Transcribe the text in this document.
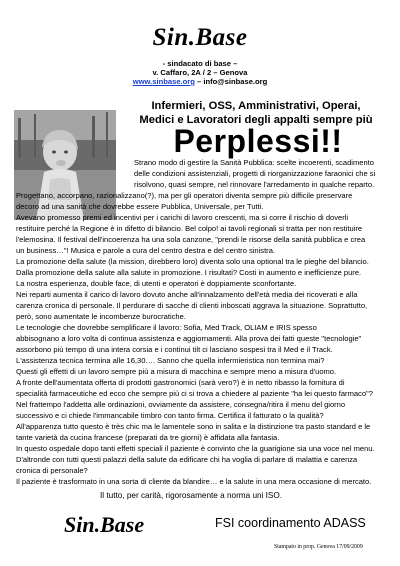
Sin.Base
- sindacato di base –
v. Caffaro, 2A / 2 – Genova
www.sinbase.org – info@sinbase.org
Infermieri, OSS, Amministrativi, Operai,
Medici e Lavoratori degli appalti sempre più
Perplessi!!
Strano modo di gestire la Sanità Pubblica: scelte incoerenti, scadimento
delle condizioni assistenziali, progetti di riorganizzazione faraonici che si
risolvono, quasi sempre, nel rinnovare l'arredamento in qualche reparto.
Progettano, accorpano, razionalizzano(?), ma per gli operatori diventa sempre più difficile preservare
decoro ad una sanità che dovrebbe essere Pubblica, Universale, per Tutti.
Avevano promesso premi ed incentivi per i carichi di lavoro crescenti, ma si corre il rischio di doverli
restituire perché la Regione è in difetto di bilancio. Bel colpo! ai tavoli regionali si tratta per non restituire
l'elemosina. Il festival dell'incoerenza ha una sola canzone, "prendi le risorse della sanità pubblica e crea
un business…"! Musica e parole a cura del centro destra e del centro sinistra.
La promozione della salute (la mission, direbbero loro) diventa solo una optional tra le pieghe del bilancio.
Dalla promozione della salute alla salute in promozione. I risultati? Costi in aumento e inefficienze pure.
La nostra esperienza, double face, di utenti e operatori è doppiamente sconfortante.
Nei reparti aumenta il carico di lavoro dovuto anche all'innalzamento dell'età media dei ricoverati e alla
carenza cronica di personale. Il perdurare di sacche di clienti inboscati aggrava la situazione. Soprattutto,
però, sono aumentate le incombenze burocratiche.
Le tecnologie che dovrebbe semplificare il lavoro: Sofia, Med Track, OLIAM e IRIS spesso
abbisognano a loro volta di continua assistenza e aggiornamenti. Alla prova dei fatti queste "tecnologie"
assorbono più tempo di una intera corsia e i continui tilt ci lasciano sospesi tra il Med e il Track.
L'assistenza tecnica termina alle 16,30…. Sanno che quella infermieristica non termina mai?
Questi gli effetti di un lavoro sempre più a misura di macchina e sempre meno a misura d'uomo.
A fronte dell'aumentata offerta di prodotti gastronomici (sarà vero?) è in netto ribasso la fornitura di
specialità farmaceutiche ed ecco che sempre più ci si trova a chiedere al paziente "ha lei questo farmaco"?
Nel frattempo l'addetta alle ordinazioni, ovviamente da assistere, consegna/ritira il menu del giorno
successivo e ci chiede l'immancabile timbro con tanto firma. Certifica il fatturato o la qualità?
All'apparenza tutto questo è très chic ma le lamentele sono in salita e la distinzione tra pasto standard e le
tante varietà da cucina francese (preparati da tre giorni) è affidata alla fantasia.
In questo ospedale dopo tanti effetti speciali il paziente è convinto che la guarigione sia una voce nel menu.
D'altronde con tutti questi palazzi della salute da edificare chi ha voglia di parlare di malattia e carenza
cronica di personale?
Il paziente è trasformato in una sorta di cliente da blandire… e la salute in una mera occasione di mercato.
Il tutto, per carità, rigorosamente a norma uni ISO.
Sin.Base	FSI coordinamento ADASS
Stampato in prop. Genova 17/09/2009
